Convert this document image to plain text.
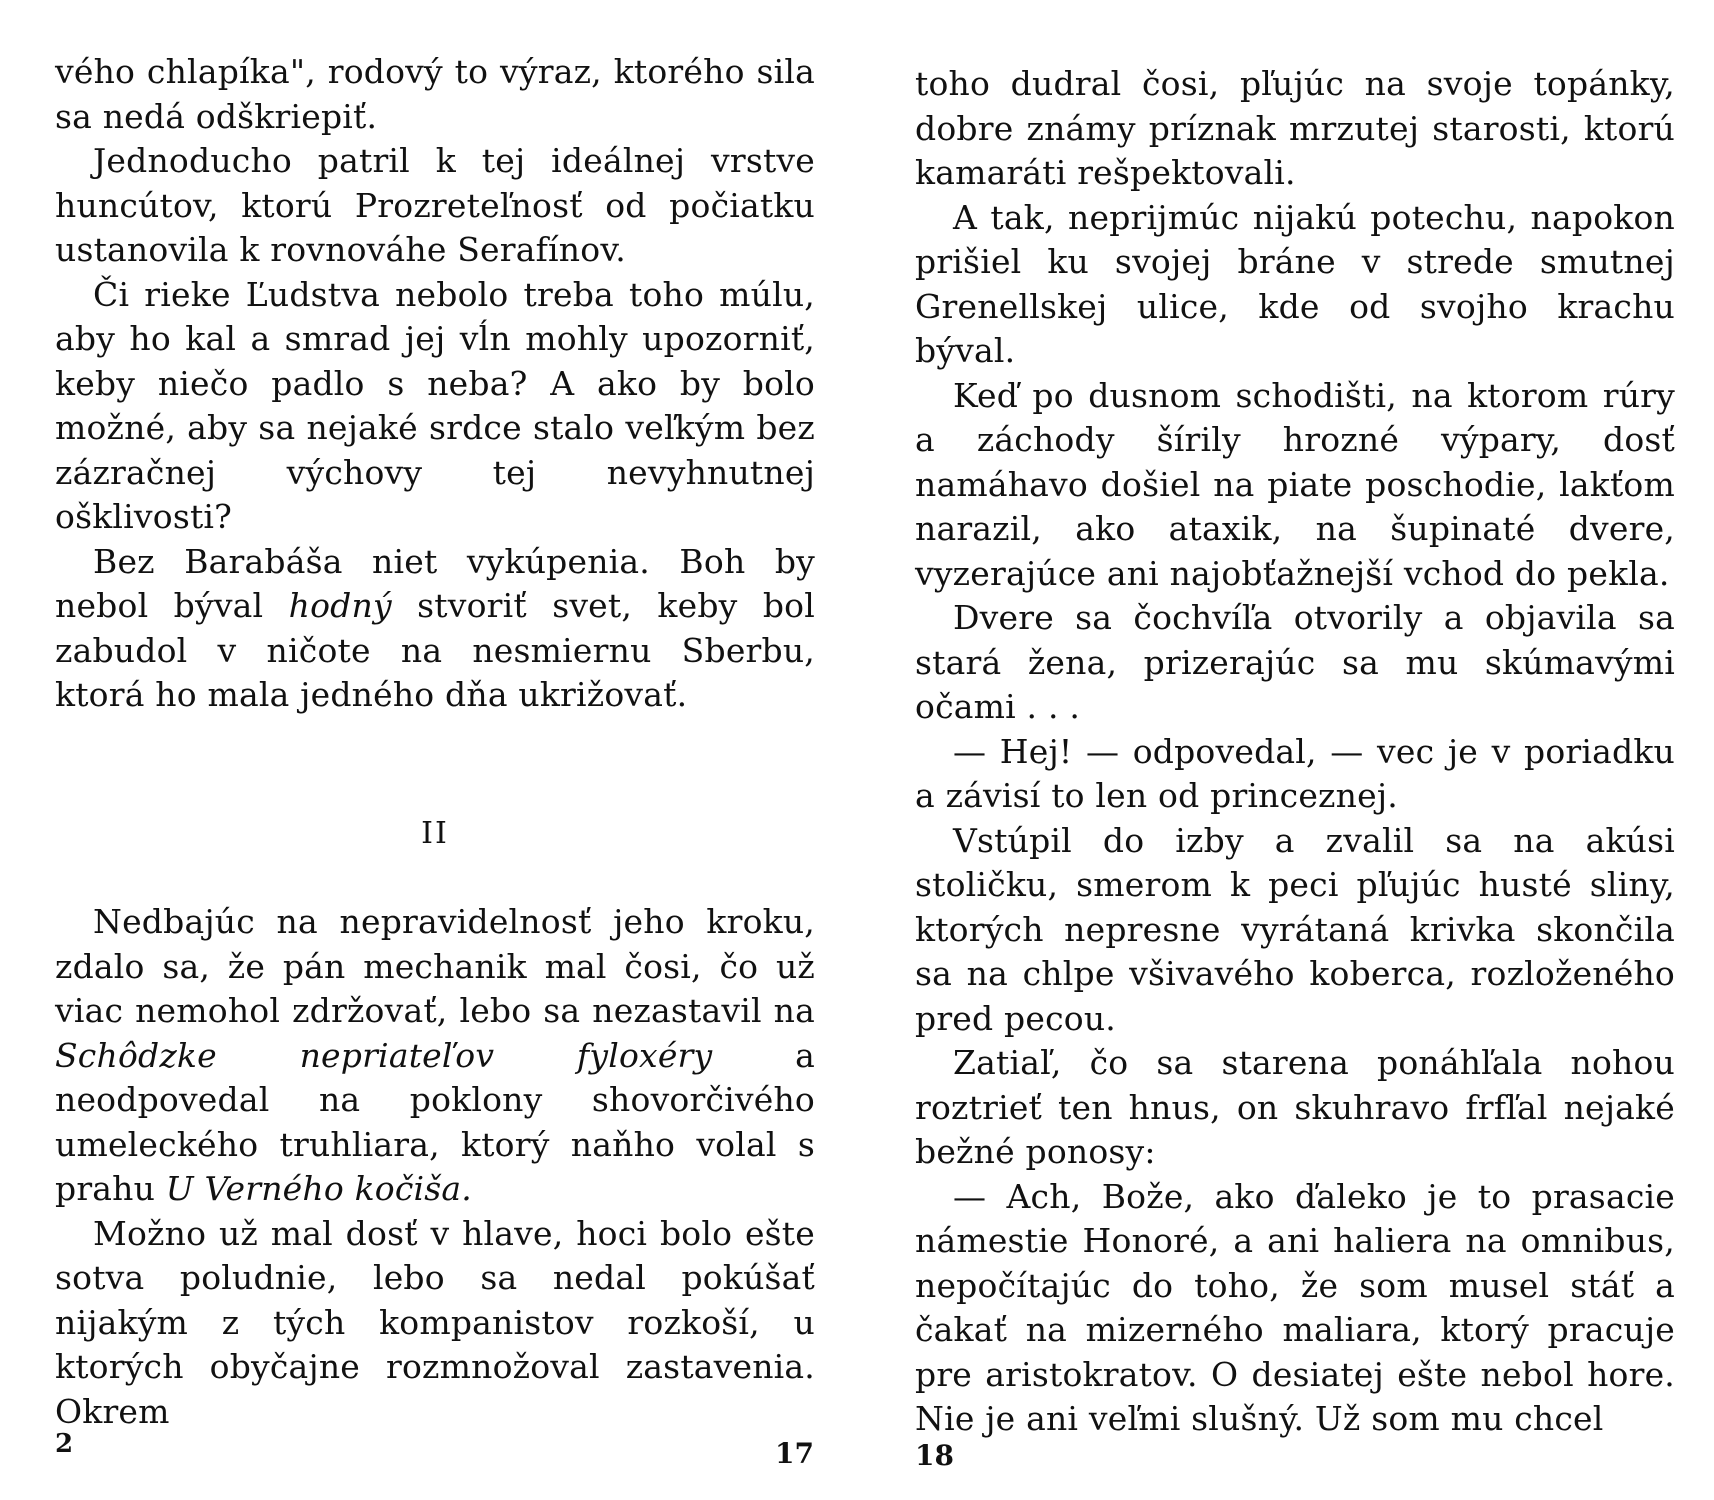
vého chlapíka", rodový to výraz, ktorého sila sa nedá odškriepiť.

Jednoducho patril k tej ideálnej vrstve huncútov, ktorú Prozreteľnosť od počiatku ustanovila k rovnováhe Serafínov.

Či rieke Ľudstva nebolo treba toho múlu, aby ho kal a smrad jej vĺn mohly upozorniť, keby niečo padlo s neba? A ako by bolo možné, aby sa nejaké srdce stalo veľkým bez zázračnej výchovy tej nevyhnutnej ošklivosti?

Bez Barabáša niet vykúpenia. Boh by nebol býval hodný stvoriť svet, keby bol zabudol v ničote na nesmiernu Sberbu, ktorá ho mala jedného dňa ukrižovať.

II

Nedbajúc na nepravidelnosť jeho kroku, zdalo sa, že pán mechanik mal čosi, čo už viac nemohol zdržovať, lebo sa nezastavil na Schôdzke nepriateľov fyloxéry a neodpovedal na poklony shovorčivého umeleckého truhliara, ktorý naňho volal s prahu U Verného kočiša.

Možno už mal dosť v hlave, hoci bolo ešte sotva poludnie, lebo sa nedal pokúšať nijakým z tých kompanistov rozkoší, u ktorých obyčajne rozmnožoval zastavenia. Okrem

2	17

toho dudral čosi, pľujúc na svoje topánky, dobre známy príznak mrzutej starosti, ktorú kamaráti rešpektovali.

A tak, neprijmúc nijakú potechu, napokon prišiel ku svojej bráne v strede smutnej Grenellskej ulice, kde od svojho krachu býval.

Keď po dusnom schodišti, na ktorom rúry a záchody šírily hrozné výpary, dosť namáhavo došiel na piate poschodie, lakťom narazil, ako ataxik, na šupinaté dvere, vyzerajúce ani najobťažnejší vchod do pekla.

Dvere sa čochvíľa otvorily a objavila sa stará žena, prizerajúc sa mu skúmavými očami . . .

— Hej! — odpovedal, — vec je v poriadku a závisí to len od princeznej.

Vstúpil do izby a zvalil sa na akúsi stoličku, smerom k peci pľujúc husté sliny, ktorých nepresne vyrátaná krivka skončila sa na chlpe všivavého koberca, rozloženého pred pecou.

Zatiaľ, čo sa starena ponáhľala nohou roztrieť ten hnus, on skuhravo frfľal nejaké bežné ponosy:

— Ach, Bože, ako ďaleko je to prasacie námestie Honoré, a ani haliera na omnibus, nepočítajúc do toho, že som musel stáť a čakať na mizerného maliara, ktorý pracuje pre aristokratov. O desiatej ešte nebol hore. Nie je ani veľmi slušný. Už som mu chcel

18
